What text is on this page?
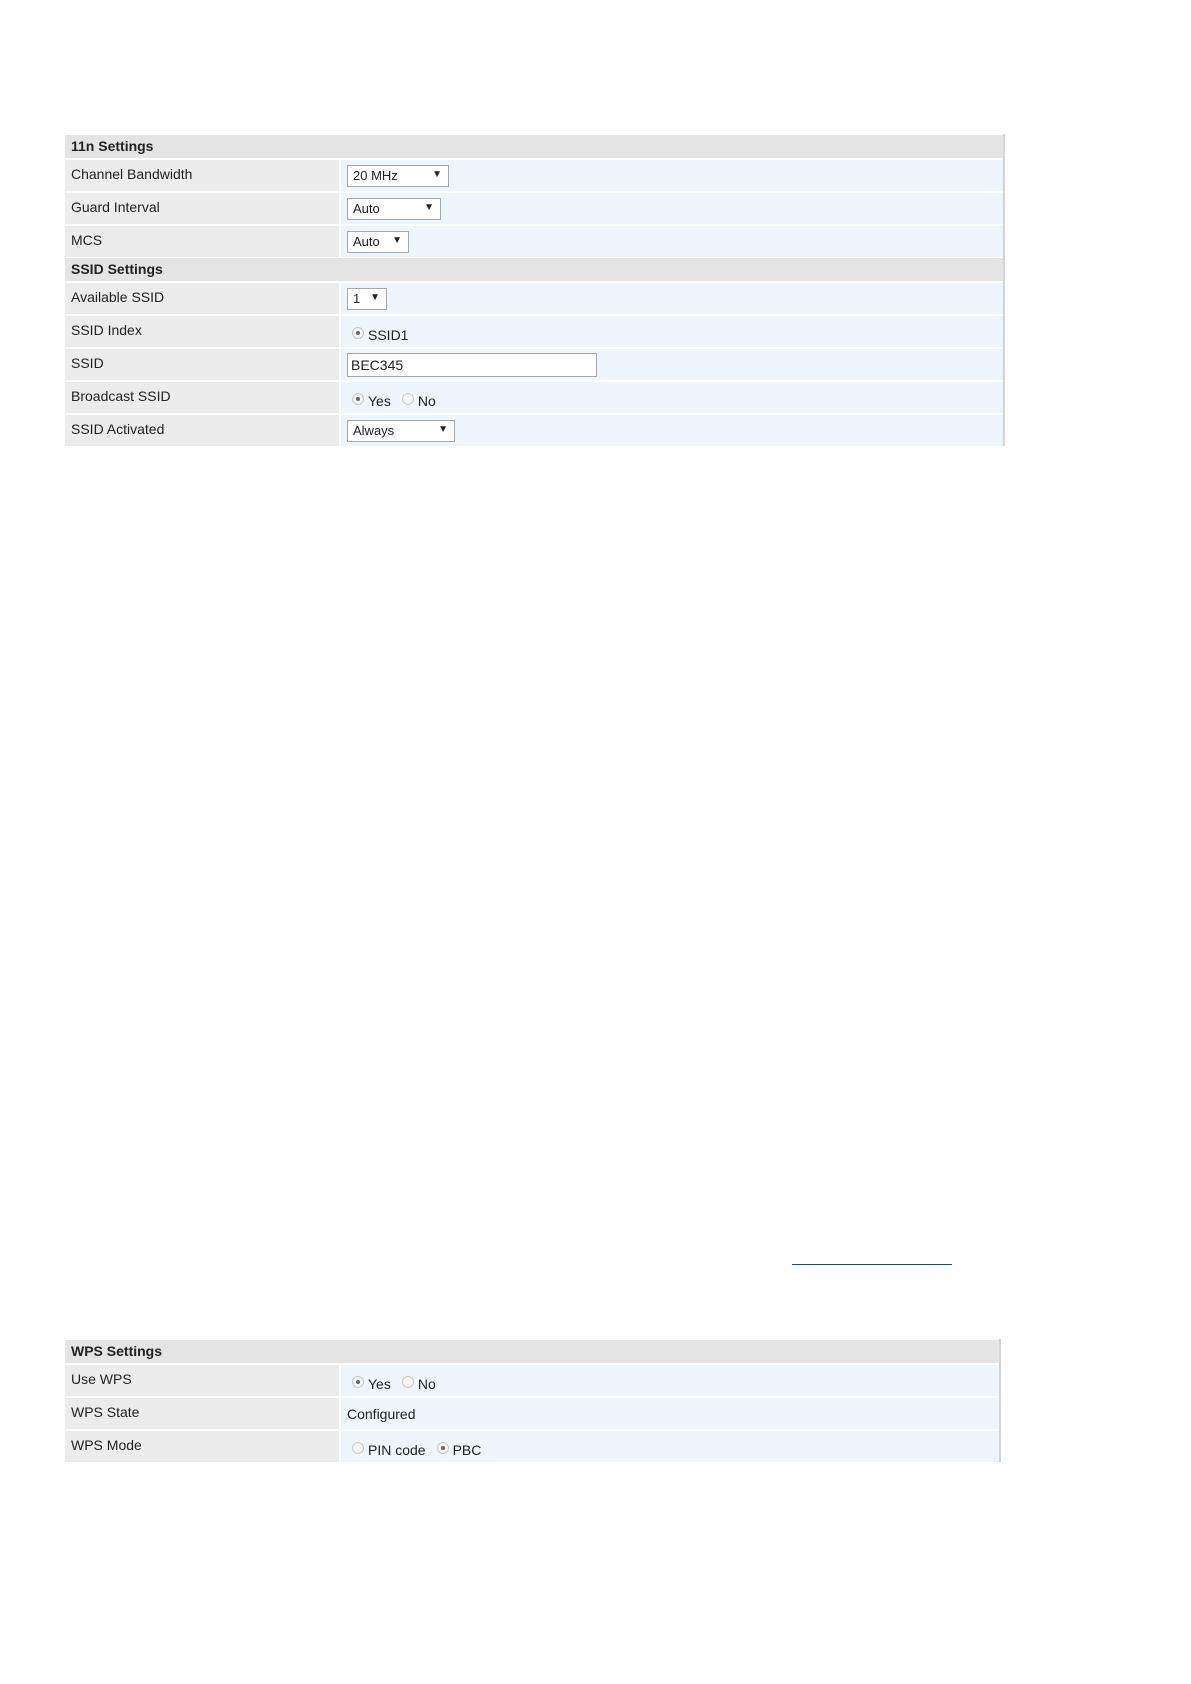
11n Settings
Channel Bandwidth	20 MHz	▼
Guard Interval	Auto	▼
MCS	Auto ▼
SSID Settings
Available SSID	1 ▼
SSID Index	SSID1
SSID	BEC345
Broadcast SSID	Yes No
SSID Activated	Always	▼
WPS Settings
Use WPS	Yes No
WPS State	Configured
WPS Mode	PIN code PBC
